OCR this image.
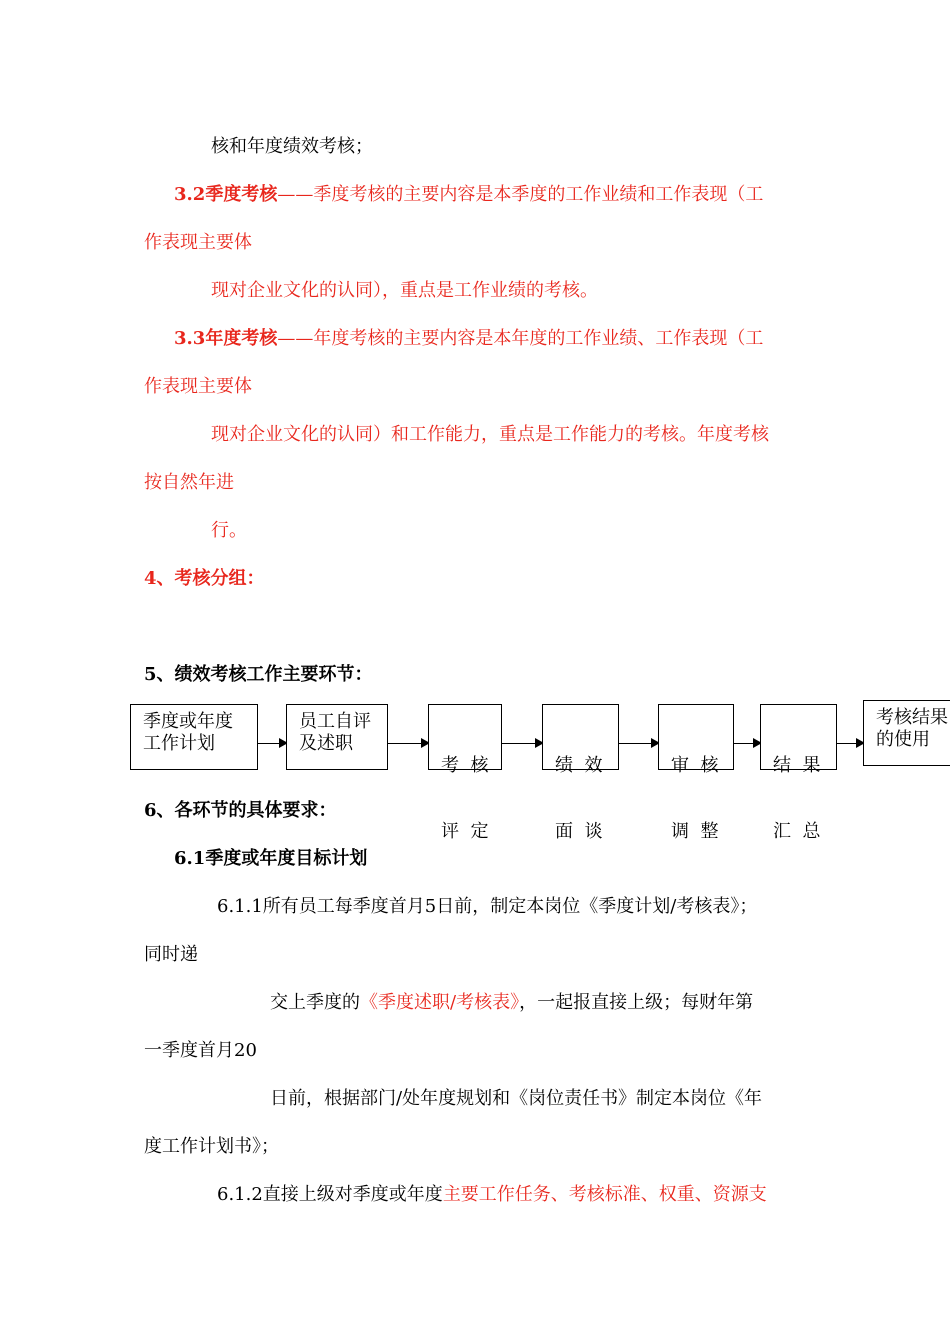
核和年度绩效考核；
3.2季度考核——季度考核的主要内容是本季度的工作业绩和工作表现（工
作表现主要体
现对企业文化的认同），重点是工作业绩的考核。
3.3年度考核——年度考核的主要内容是本年度的工作业绩、工作表现（工
作表现主要体
现对企业文化的认同）和工作能力，重点是工作能力的考核。年度考核
按自然年进
行。
4、考核分组：
5、绩效考核工作主要环节：
季度或年度
工作计划
员工自评
及述职

考  核

评  定

绩  效

面  谈

审  核

调  整

结  果

汇  总

考核结果
的使用
6、各环节的具体要求：
6.1季度或年度目标计划
6.1.1所有员工每季度首月5日前，制定本岗位《季度计划/考核表》；
同时递
交上季度的《季度述职/考核表》，一起报直接上级；每财年第
一季度首月20
日前，根据部门/处年度规划和《岗位责任书》制定本岗位《年
度工作计划书》；
6.1.2直接上级对季度或年度主要工作任务、考核标准、权重、资源支
